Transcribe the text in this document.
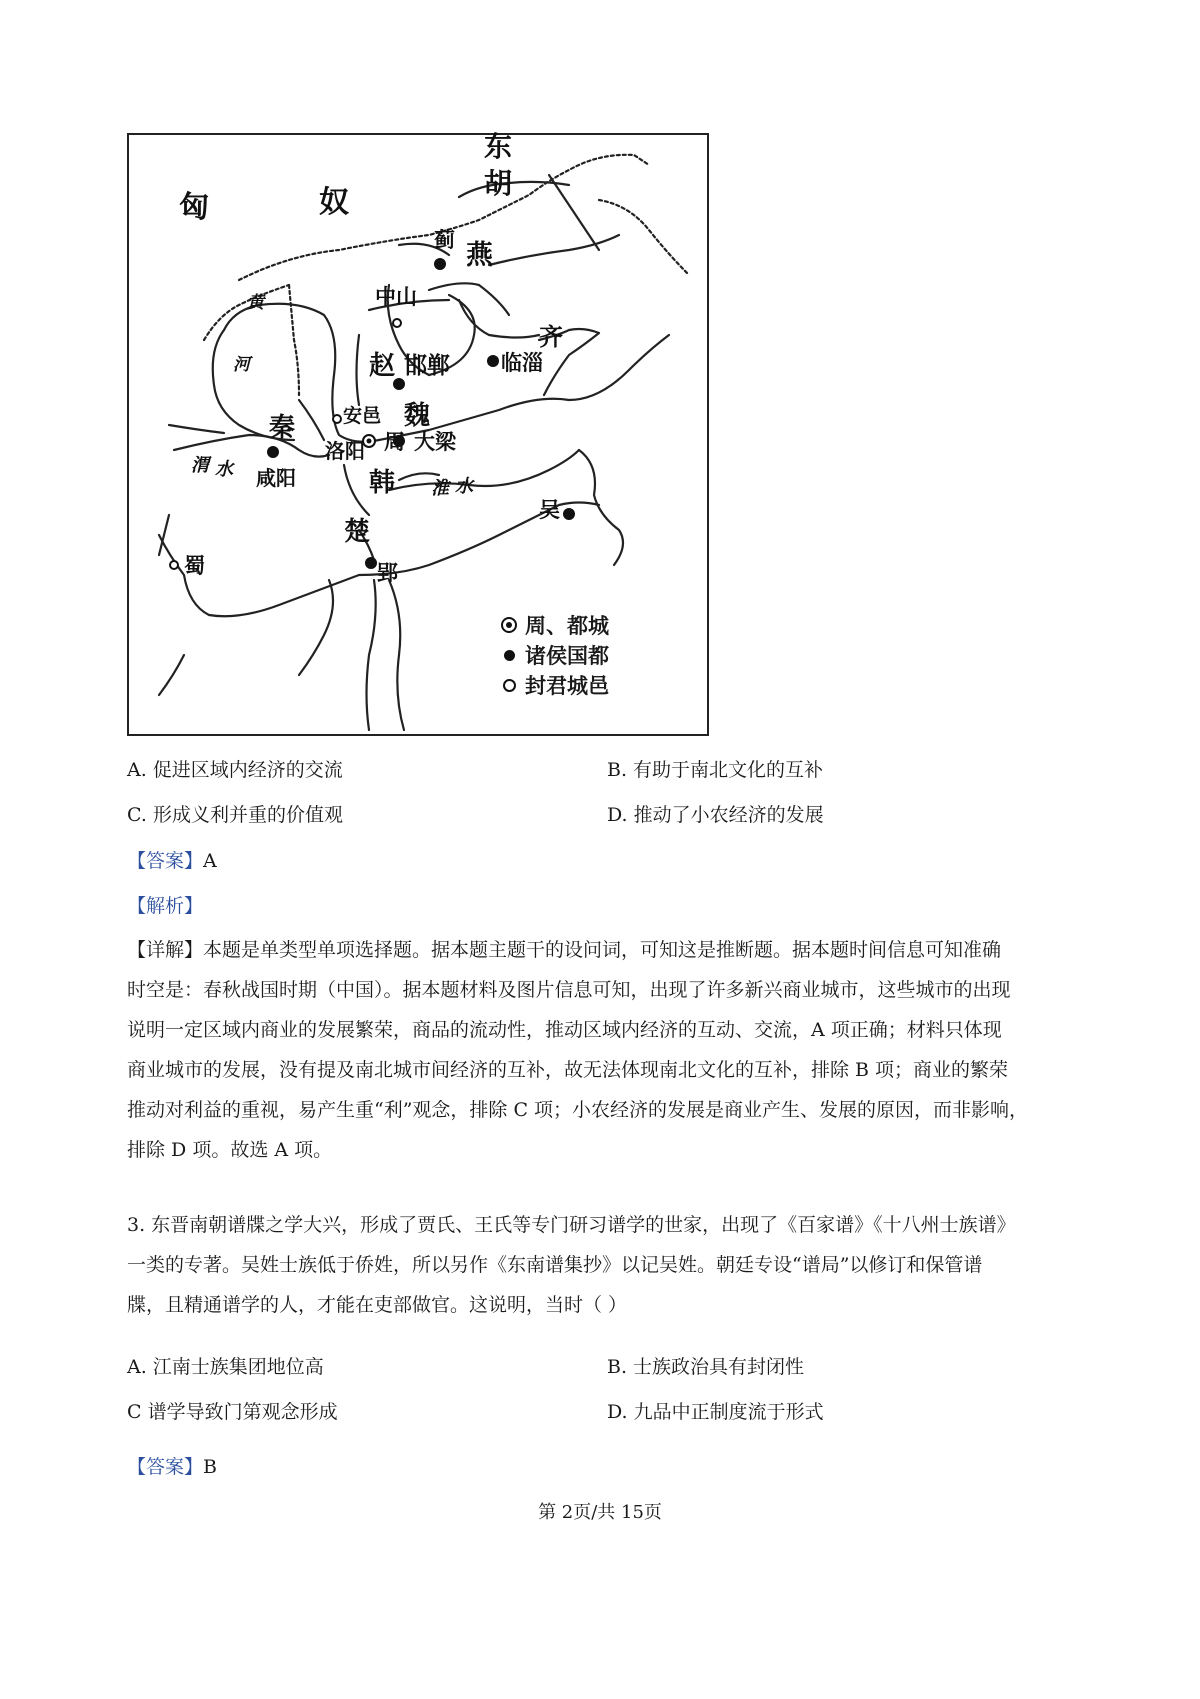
匈	奴
东
胡
燕
蓟
中山
赵 邯郸
齐
临淄
魏
安邑
秦
洛阳 周 大梁
韩
咸阳
渭 水
淮 水
黄
河
吴
楚
郢
蜀
周、都城
诸侯国都
封君城邑
A. 促进区域内经济的交流	B. 有助于南北文化的互补
C. 形成义利并重的价值观	D. 推动了小农经济的发展
【答案】A
【解析】
【详解】本题是单类型单项选择题。据本题主题干的设问词，可知这是推断题。据本题时间信息可知准确
时空是：春秋战国时期（中国）。据本题材料及图片信息可知，出现了许多新兴商业城市，这些城市的出现
说明一定区域内商业的发展繁荣，商品的流动性，推动区域内经济的互动、交流，A 项正确；材料只体现
商业城市的发展，没有提及南北城市间经济的互补，故无法体现南北文化的互补，排除 B 项；商业的繁荣
推动对利益的重视，易产生重“利”观念，排除 C 项；小农经济的发展是商业产生、发展的原因，而非影响，
排除 D 项。故选 A 项。
3. 东晋南朝谱牒之学大兴，形成了贾氏、王氏等专门研习谱学的世家，出现了《百家谱》《十八州士族谱》
一类的专著。吴姓士族低于侨姓，所以另作《东南谱集抄》以记吴姓。朝廷专设“谱局”以修订和保管谱
牒，且精通谱学的人，才能在吏部做官。这说明，当时（ ）
A. 江南士族集团地位高	B. 士族政治具有封闭性
C 谱学导致门第观念形成	D. 九品中正制度流于形式
【答案】B
第 2页/共 15页
